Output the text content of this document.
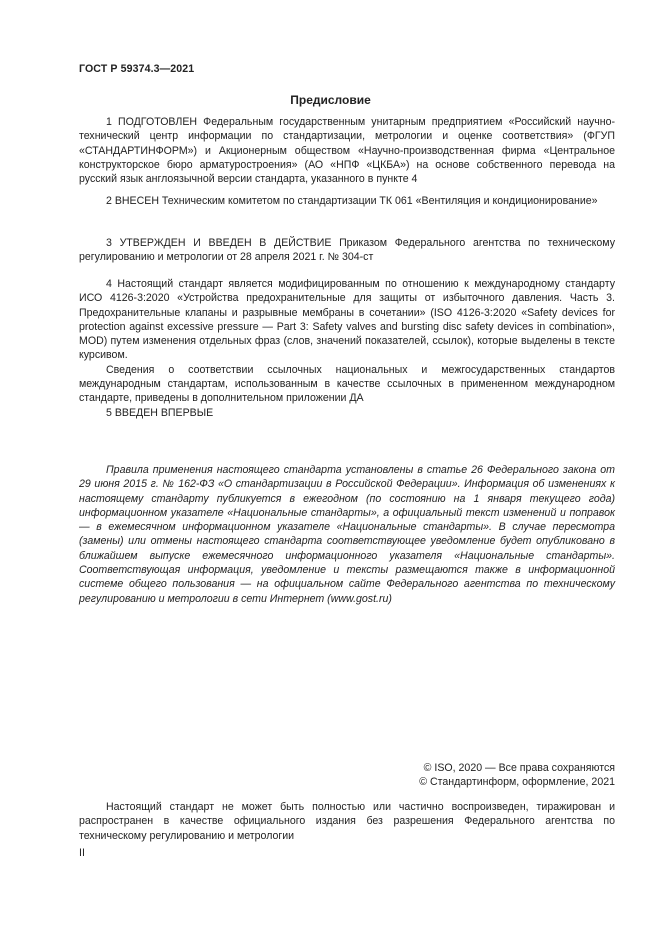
ГОСТ Р 59374.3—2021
Предисловие

1 ПОДГОТОВЛЕН Федеральным государственным унитарным предприятием «Российский научно-технический центр информации по стандартизации, метрологии и оценке соответствия» (ФГУП «СТАНДАРТИНФОРМ») и Акционерным обществом «Научно-производственная фирма «Центральное конструкторское бюро арматуростроения» (АО «НПФ «ЦКБА») на основе собственного перевода на русский язык англоязычной версии стандарта, указанного в пункте 4

2 ВНЕСЕН Техническим комитетом по стандартизации ТК 061 «Вентиляция и кондиционирование»

3 УТВЕРЖДЕН И ВВЕДЕН В ДЕЙСТВИЕ Приказом Федерального агентства по техническому регулированию и метрологии от 28 апреля 2021 г. № 304-ст

4 Настоящий стандарт является модифицированным по отношению к международному стандарту ИСО 4126-3:2020 «Устройства предохранительные для защиты от избыточного давления. Часть 3. Предохранительные клапаны и разрывные мембраны в сочетании» (ISO 4126-3:2020 «Safety devices for protection against excessive pressure — Part 3: Safety valves and bursting disc safety devices in combination», MOD) путем изменения отдельных фраз (слов, значений показателей, ссылок), которые выделены в тексте курсивом.

Сведения о соответствии ссылочных национальных и межгосударственных стандартов международным стандартам, использованным в качестве ссылочных в примененном международном стандарте, приведены в дополнительном приложении ДА

5 ВВЕДЕН ВПЕРВЫЕ

Правила применения настоящего стандарта установлены в статье 26 Федерального закона от 29 июня 2015 г. № 162-ФЗ «О стандартизации в Российской Федерации». Информация об изменениях к настоящему стандарту публикуется в ежегодном (по состоянию на 1 января текущего года) информационном указателе «Национальные стандарты», а официальный текст изменений и поправок — в ежемесячном информационном указателе «Национальные стандарты». В случае пересмотра (замены) или отмены настоящего стандарта соответствующее уведомление будет опубликовано в ближайшем выпуске ежемесячного информационного указателя «Национальные стандарты». Соответствующая информация, уведомление и тексты размещаются также в информационной системе общего пользования — на официальном сайте Федерального агентства по техническому регулированию и метрологии в сети Интернет (www.gost.ru)

© ISO, 2020 — Все права сохраняются
© Стандартинформ, оформление, 2021

Настоящий стандарт не может быть полностью или частично воспроизведен, тиражирован и распространен в качестве официального издания без разрешения Федерального агентства по техническому регулированию и метрологии

II
